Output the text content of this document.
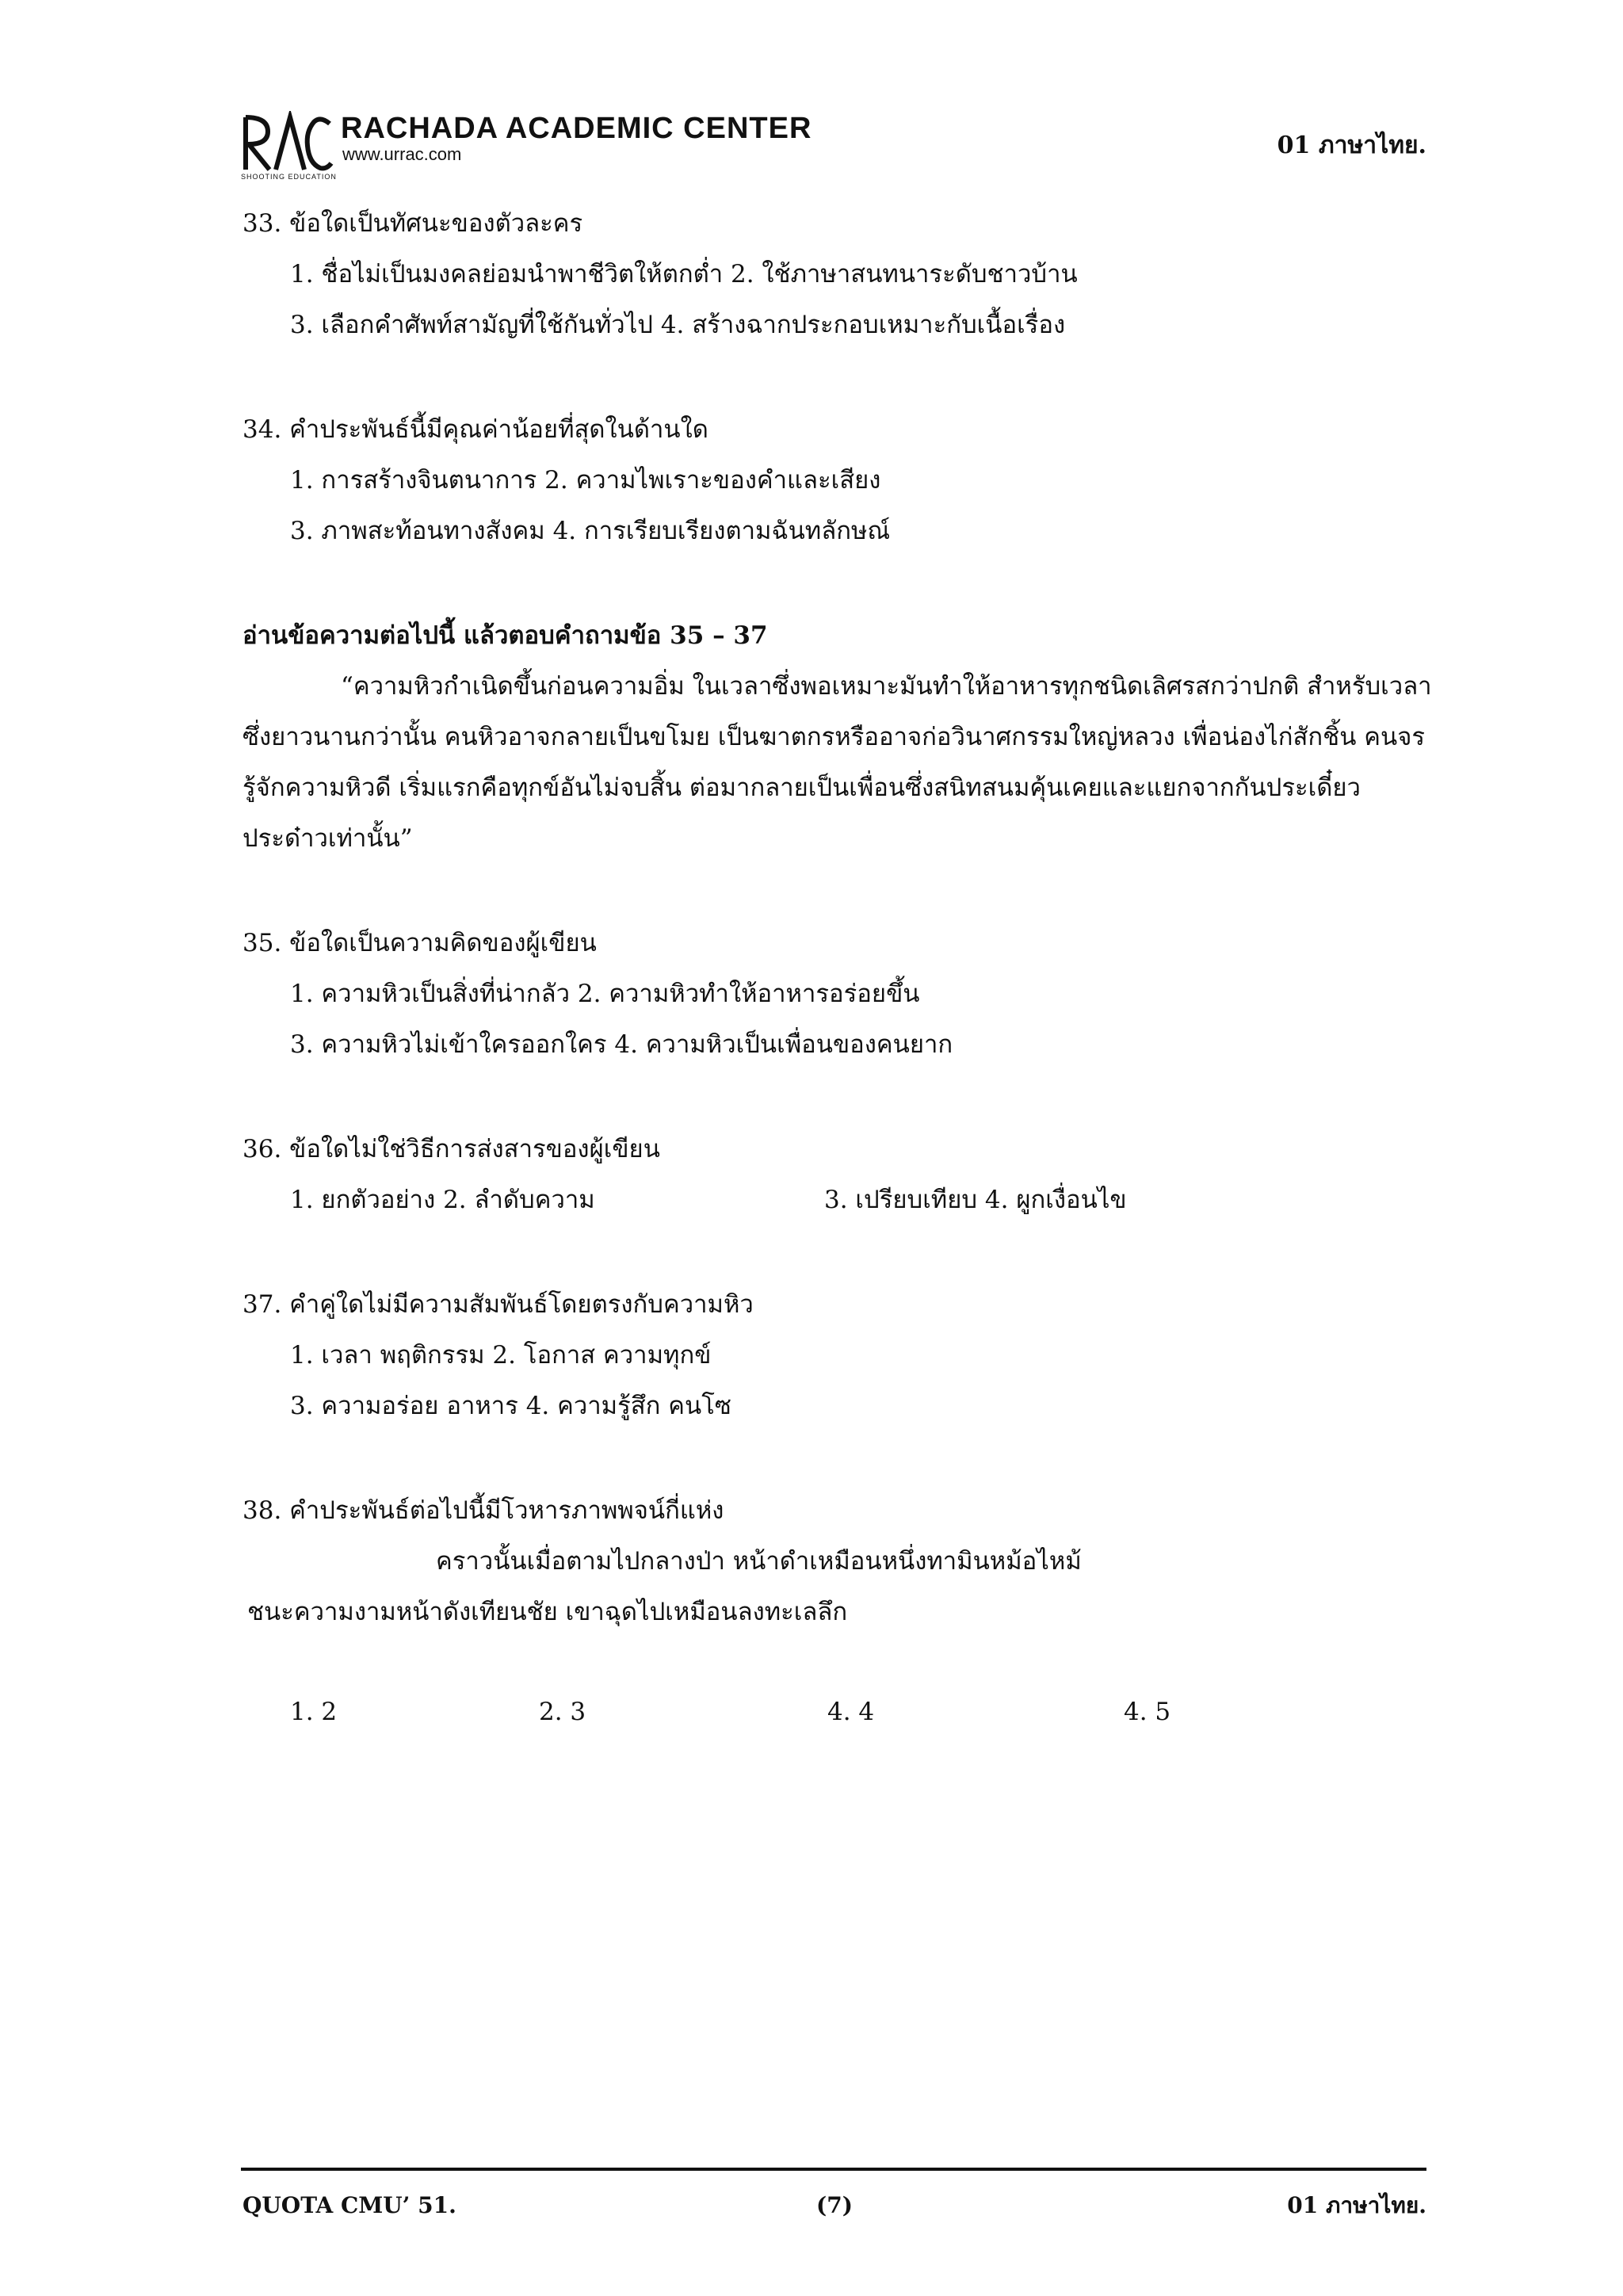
RACHADA ACADEMIC CENTER
www.urrac.com
SHOOTING EDUCATION
01 ภาษาไทย.
33. ข้อใดเป็นทัศนะของตัวละคร
1. ชื่อไม่เป็นมงคลย่อมนำพาชีวิตให้ตกต่ำ 2. ใช้ภาษาสนทนาระดับชาวบ้าน
3. เลือกคำศัพท์สามัญที่ใช้กันทั่วไป 4. สร้างฉากประกอบเหมาะกับเนื้อเรื่อง
34. คำประพันธ์นี้มีคุณค่าน้อยที่สุดในด้านใด
1. การสร้างจินตนาการ 2. ความไพเราะของคำและเสียง
3. ภาพสะท้อนทางสังคม 4. การเรียบเรียงตามฉันทลักษณ์
อ่านข้อความต่อไปนี้ แล้วตอบคำถามข้อ 35 – 37
“ความหิวกำเนิดขึ้นก่อนความอิ่ม ในเวลาซึ่งพอเหมาะมันทำให้อาหารทุกชนิดเลิศรสกว่าปกติ สำหรับเวลา
ซึ่งยาวนานกว่านั้น คนหิวอาจกลายเป็นขโมย เป็นฆาตกรหรืออาจก่อวินาศกรรมใหญ่หลวง เพื่อน่องไก่สักชิ้น คนจร
รู้จักความหิวดี เริ่มแรกคือทุกข์อันไม่จบสิ้น ต่อมากลายเป็นเพื่อนซึ่งสนิทสนมคุ้นเคยและแยกจากกันประเดี๋ยว
ประด๋าวเท่านั้น”
35. ข้อใดเป็นความคิดของผู้เขียน
1. ความหิวเป็นสิ่งที่น่ากลัว 2. ความหิวทำให้อาหารอร่อยขึ้น
3. ความหิวไม่เข้าใครออกใคร 4. ความหิวเป็นเพื่อนของคนยาก
36. ข้อใดไม่ใช่วิธีการส่งสารของผู้เขียน
1. ยกตัวอย่าง 2. ลำดับความ	3. เปรียบเทียบ 4. ผูกเงื่อนไข
37. คำคู่ใดไม่มีความสัมพันธ์โดยตรงกับความหิว
1. เวลา พฤติกรรม 2. โอกาส ความทุกข์
3. ความอร่อย อาหาร 4. ความรู้สึก คนโซ
38. คำประพันธ์ต่อไปนี้มีโวหารภาพพจน์กี่แห่ง
คราวนั้นเมื่อตามไปกลางป่า หน้าดำเหมือนหนึ่งทามินหม้อไหม้
ชนะความงามหน้าดังเทียนชัย เขาฉุดไปเหมือนลงทะเลลึก
1. 2	2. 3	4. 4	4. 5
QUOTA CMU’ 51.	(7)	01 ภาษาไทย.
